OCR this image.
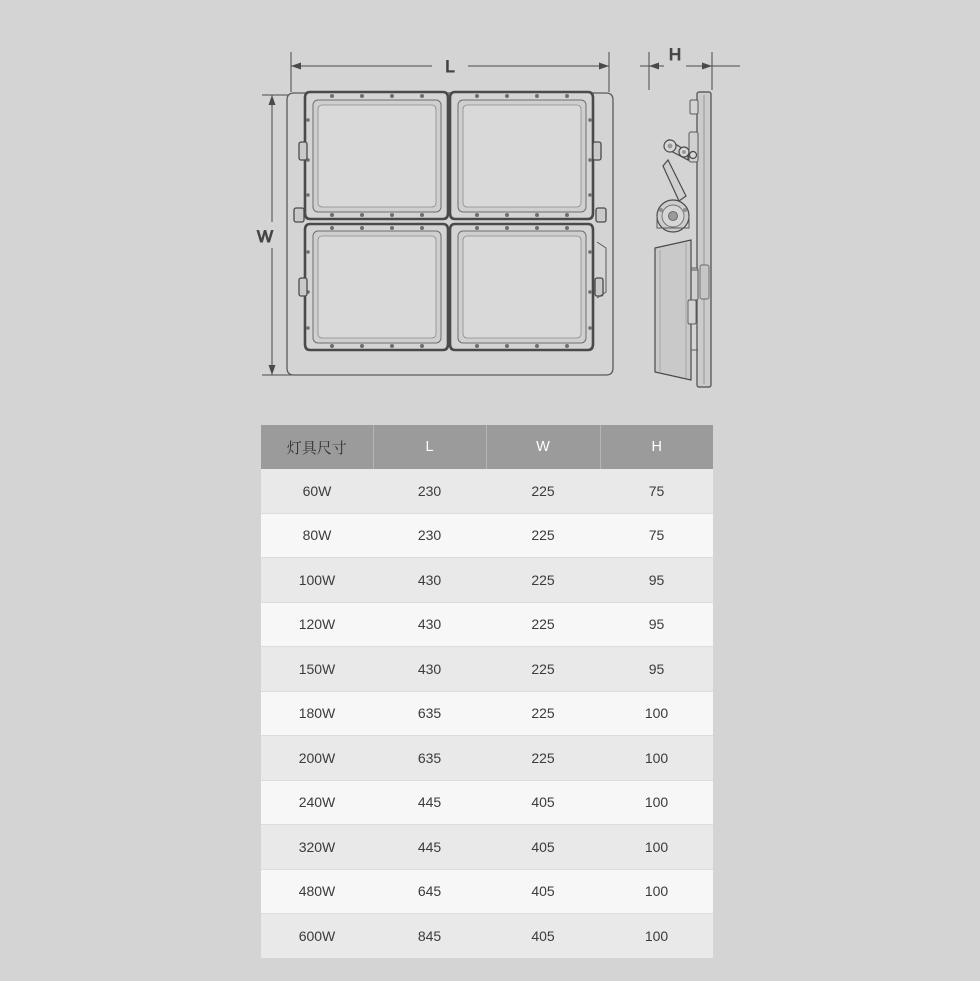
L
W
H
灯具尺寸	L	W	H
60W	230	225	75
80W	230	225	75
100W	430	225	95
120W	430	225	95
150W	430	225	95
180W	635	225	100
200W	635	225	100
240W	445	405	100
320W	445	405	100
480W	645	405	100
600W	845	405	100
